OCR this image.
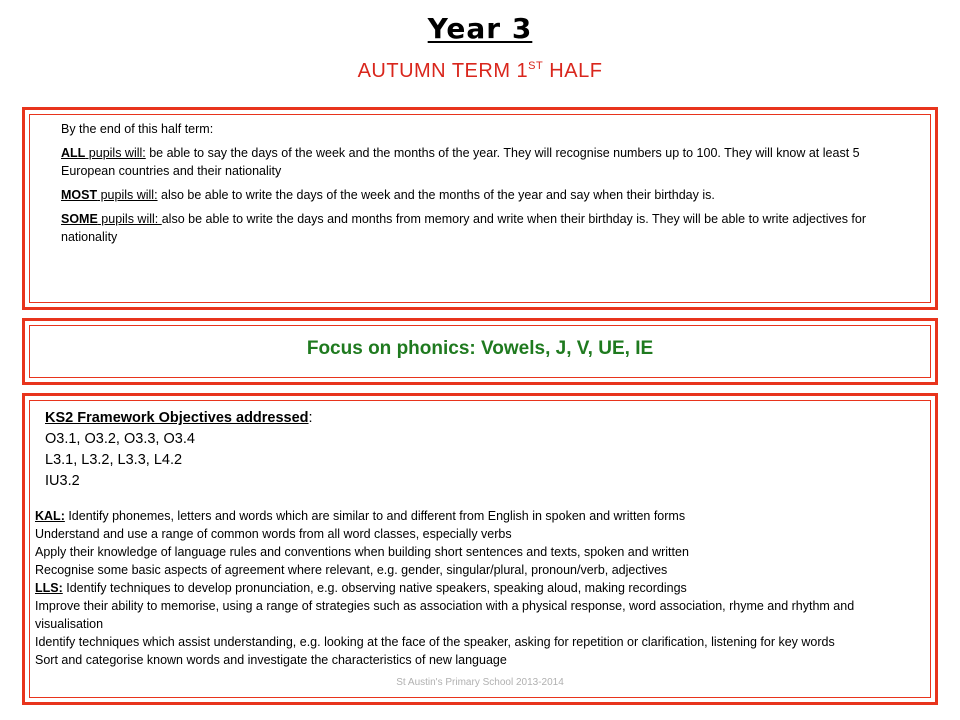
Year 3
AUTUMN TERM 1ST HALF

By the end of this half term:

ALL pupils will: be able to say the days of the week and the months of the year. They will recognise numbers up to 100. They will know at least 5 European countries and their nationality

MOST pupils will: also be able to write the days of the week and the months of the year and say when their birthday is.

SOME pupils will: also be able to write the days and months from memory and write when their birthday is. They will be able to write adjectives for nationality

Focus on phonics: Vowels, J, V, UE, IE
KS2 Framework Objectives addressed:
O3.1, O3.2, O3.3, O3.4
L3.1, L3.2, L3.3, L4.2
IU3.2
KAL: Identify phonemes, letters and words which are similar to and different from English in spoken and written forms
Understand and use a range of common words from all word classes, especially verbs
Apply their knowledge of language rules and conventions when building short sentences and texts, spoken and written
Recognise some basic aspects of agreement where relevant, e.g. gender, singular/plural, pronoun/verb, adjectives
LLS: Identify techniques to develop pronunciation, e.g. observing native speakers, speaking aloud, making recordings
Improve their ability to memorise, using a range of strategies such as association with a physical response, word association, rhyme and rhythm and visualisation
Identify techniques which assist understanding, e.g. looking at the face of the speaker, asking for repetition or clarification, listening for key words
Sort and categorise known words and investigate the characteristics of new language
St Austin's Primary School 2013-2014
